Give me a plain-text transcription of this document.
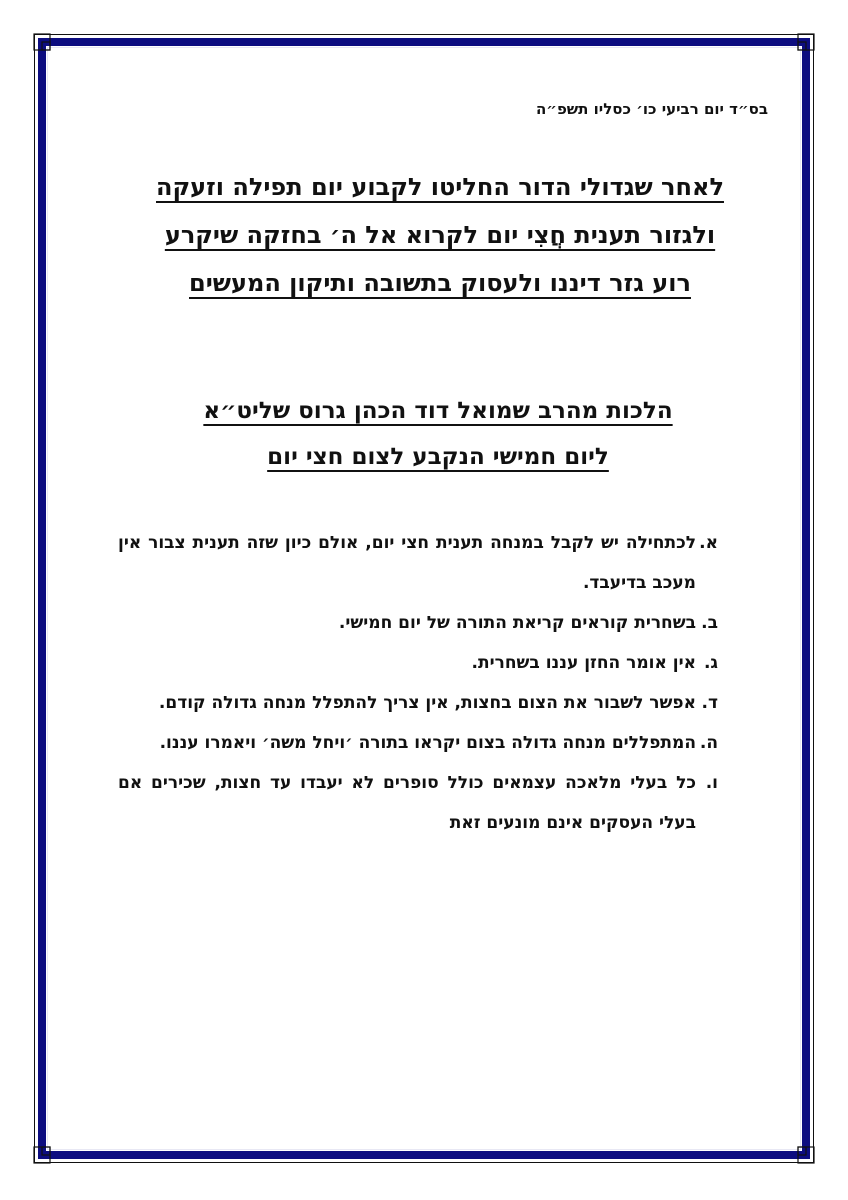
בס״ד יום רביעי כו׳ כסליו תשפ״ה
לאחר שגדולי הדור החליטו לקבוע יום תפילה וזעקה
ולגזור תענית חֲצִי יום לקרוא אל ה׳ בחזקה שיקרע
רוע גזר דיננו ולעסוק בתשובה ותיקון המעשים
הלכות מהרב שמואל דוד הכהן גרוס שליט״א
ליום חמישי הנקבע לצום חצי יום
א.
לכתחילה יש לקבל במנחה תענית חצי יום, אולם כיון שזה תענית צבור אין מעכב בדיעבד.
ב.
בשחרית קוראים קריאת התורה של יום חמישי.
ג.
אין אומר החזן עננו בשחרית.
ד.
אפשר לשבור את הצום בחצות, אין צריך להתפלל מנחה גדולה קודם.
ה.
המתפללים מנחה גדולה בצום יקראו בתורה ׳ויחל משה׳ ויאמרו עננו.
ו.
כל בעלי מלאכה עצמאים כולל סופרים לא יעבדו עד חצות, שכירים אם בעלי העסקים אינם מונעים זאת
